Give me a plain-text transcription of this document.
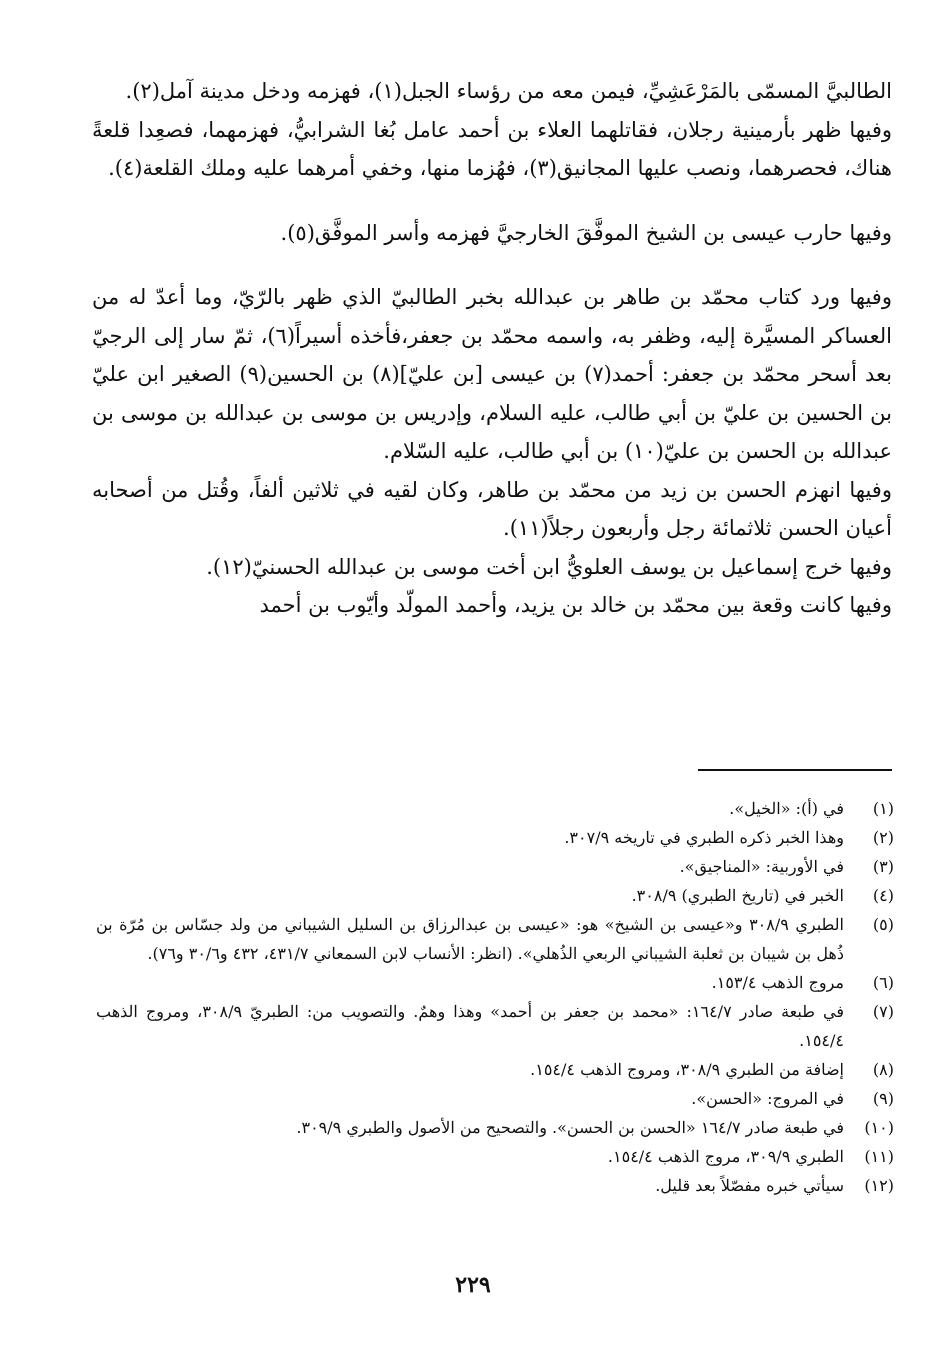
الطالبيَّ المسمّى بالمَرْعَشِيِّ، فيمن معه من رؤساء الجبل(١)، فهزمه ودخل مدينة آمل(٢).

وفيها ظهر بأرمينية رجلان، فقاتلهما العلاء بن أحمد عامل بُغا الشرابيُّ، فهزمهما، فصعِدا قلعةً هناك، فحصرهما، ونصب عليها المجانيق(٣)، فهُزما منها، وخفي أمرهما عليه وملك القلعة(٤).

وفيها حارب عيسى بن الشيخ الموفَّقَ الخارجيَّ فهزمه وأسر الموفَّق(٥).

وفيها ورد كتاب محمّد بن طاهر بن عبدالله بخبر الطالبيّ الذي ظهر بالرّيّ، وما أعدّ له من العساكر المسيَّرة إليه، وظفر به، واسمه محمّد بن جعفر،فأخذه أسيراً(٦)، ثمّ سار إلى الرجيّ بعد أسحر محمّد بن جعفر: أحمد(٧) بن عيسى [بن عليّ](٨) بن الحسين(٩) الصغير ابن عليّ بن الحسين بن عليّ بن أبي طالب، عليه السلام، وإدريس بن موسى بن عبدالله بن موسى بن عبدالله بن الحسن بن عليّ(١٠) بن أبي طالب، عليه السّلام.

وفيها انهزم الحسن بن زيد من محمّد بن طاهر، وكان لقيه في ثلاثين ألفاً، وقُتل من أصحابه أعيان الحسن ثلاثمائة رجل وأربعون رجلاً(١١).

وفيها خرج إسماعيل بن يوسف العلويُّ ابن أخت موسى بن عبدالله الحسنيّ(١٢).

وفيها كانت وقعة بين محمّد بن خالد بن يزيد، وأحمد المولّد وأيّوب بن أحمد

(١)
في (أ): «الخيل».
(٢)
وهذا الخبر ذكره الطبري في تاريخه ٣٠٧/٩.
(٣)
في الأوربية: «المناجيق».
(٤)
الخبر في (تاريخ الطبري) ٣٠٨/٩.
(٥)
الطبري ٣٠٨/٩ و«عيسى بن الشيخ» هو: «عيسى بن عبدالرزاق بن السليل الشيباني من ولد جسّاس بن مُرّة بن ذُهل بن شيبان بن ثعلبة الشيباني الربعي الذُهلي». (انظر: الأنساب لابن السمعاني ٤٣١/٧، ٤٣٢ و٣٠/٦ و٧٦).
(٦)
مروج الذهب ١٥٣/٤.
(٧)
في طبعة صادر ١٦٤/٧: «محمد بن جعفر بن أحمد» وهذا وهمٌ. والتصويب من: الطبريّ ٣٠٨/٩، ومروج الذهب ١٥٤/٤.
(٨)
إضافة من الطبري ٣٠٨/٩، ومروج الذهب ١٥٤/٤.
(٩)
في المروج: «الحسن».
(١٠)
في طبعة صادر ١٦٤/٧ «الحسن بن الحسن». والتصحيح من الأصول والطبري ٣٠٩/٩.
(١١)
الطبري ٣٠٩/٩، مروج الذهب ١٥٤/٤.
(١٢)
سيأتي خبره مفصّلاً بعد قليل.
٢٢٩
